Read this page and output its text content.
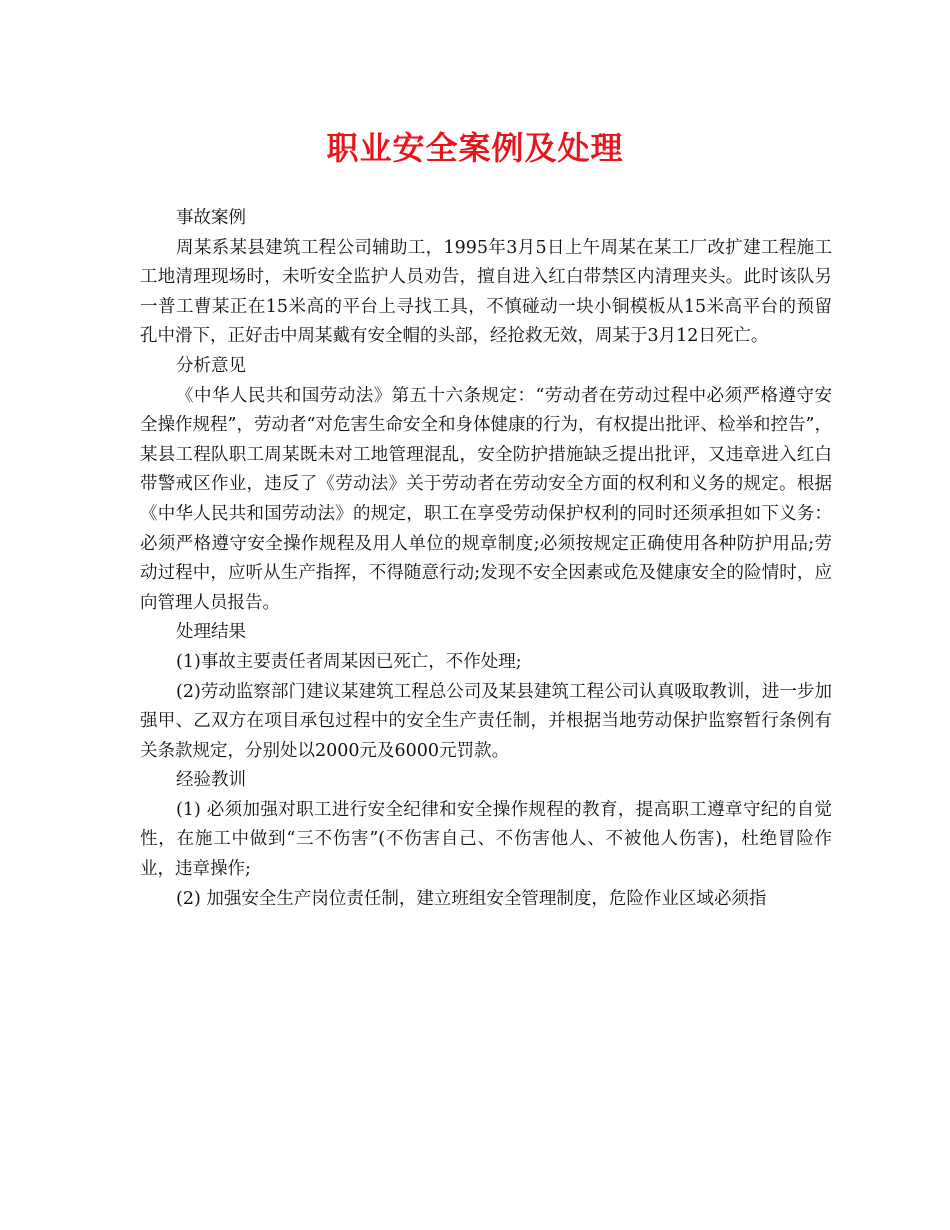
职业安全案例及处理
事故案例
周某系某县建筑工程公司辅助工，1995年3月5日上午周某在某工厂改扩建工程施工工地清理现场时，未听安全监护人员劝告，擅自进入红白带禁区内清理夹头。此时该队另一普工曹某正在15米高的平台上寻找工具，不慎碰动一块小铜模板从15米高平台的预留孔中滑下，正好击中周某戴有安全帽的头部，经抢救无效，周某于3月12日死亡。
分析意见
《中华人民共和国劳动法》第五十六条规定：“劳动者在劳动过程中必须严格遵守安全操作规程”，劳动者“对危害生命安全和身体健康的行为，有权提出批评、检举和控告”，某县工程队职工周某既未对工地管理混乱，安全防护措施缺乏提出批评，又违章进入红白带警戒区作业，违反了《劳动法》关于劳动者在劳动安全方面的权利和义务的规定。根据《中华人民共和国劳动法》的规定，职工在享受劳动保护权利的同时还须承担如下义务：必须严格遵守安全操作规程及用人单位的规章制度;必须按规定正确使用各种防护用品;劳动过程中，应听从生产指挥，不得随意行动;发现不安全因素或危及健康安全的险情时，应向管理人员报告。
处理结果
(1)事故主要责任者周某因已死亡，不作处理;
(2)劳动监察部门建议某建筑工程总公司及某县建筑工程公司认真吸取教训，进一步加强甲、乙双方在项目承包过程中的安全生产责任制，并根据当地劳动保护监察暂行条例有关条款规定，分别处以2000元及6000元罚款。
经验教训
(1) 必须加强对职工进行安全纪律和安全操作规程的教育，提高职工遵章守纪的自觉性，在施工中做到“三不伤害”(不伤害自己、不伤害他人、不被他人伤害)，杜绝冒险作业，违章操作;
(2) 加强安全生产岗位责任制，建立班组安全管理制度，危险作业区域必须指
